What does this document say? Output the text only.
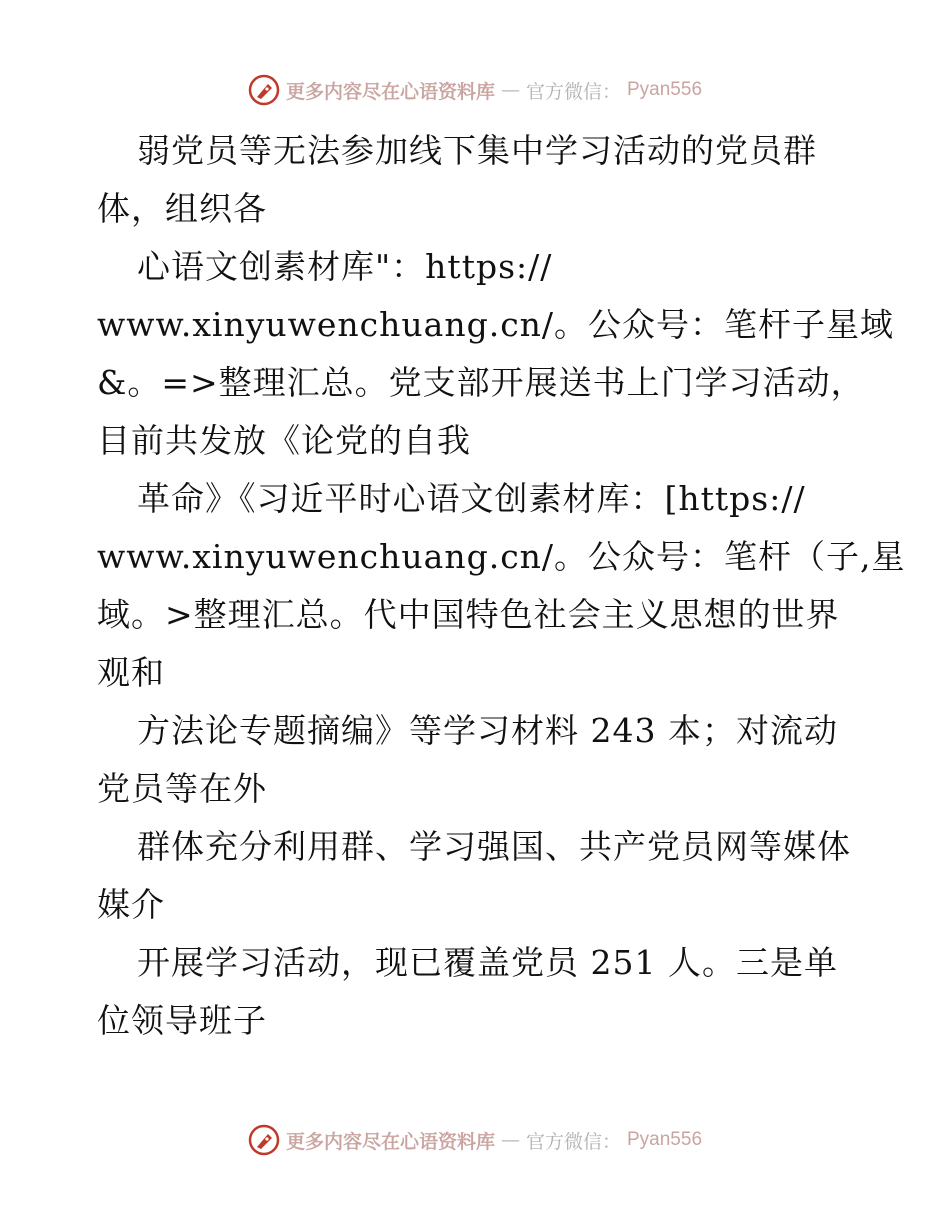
更多内容尽在心语资料库 — 官方微信： Pyan556
弱党员等无法参加线下集中学习活动的党员群
体，组织各
心语文创素材库"：https://
www.xinyuwenchuang.cn/。公众号：笔杆子星域
&。=>整理汇总。党支部开展送书上门学习活动，
目前共发放《论党的自我
革命》《习近平时心语文创素材库：[https://
www.xinyuwenchuang.cn/。公众号：笔杆（子,星
域。>整理汇总。代中国特色社会主义思想的世界
观和
方法论专题摘编》等学习材料 243 本；对流动
党员等在外
群体充分利用群、学习强国、共产党员网等媒体
媒介
开展学习活动，现已覆盖党员 251 人。三是单
位领导班子
更多内容尽在心语资料库 — 官方微信： Pyan556
